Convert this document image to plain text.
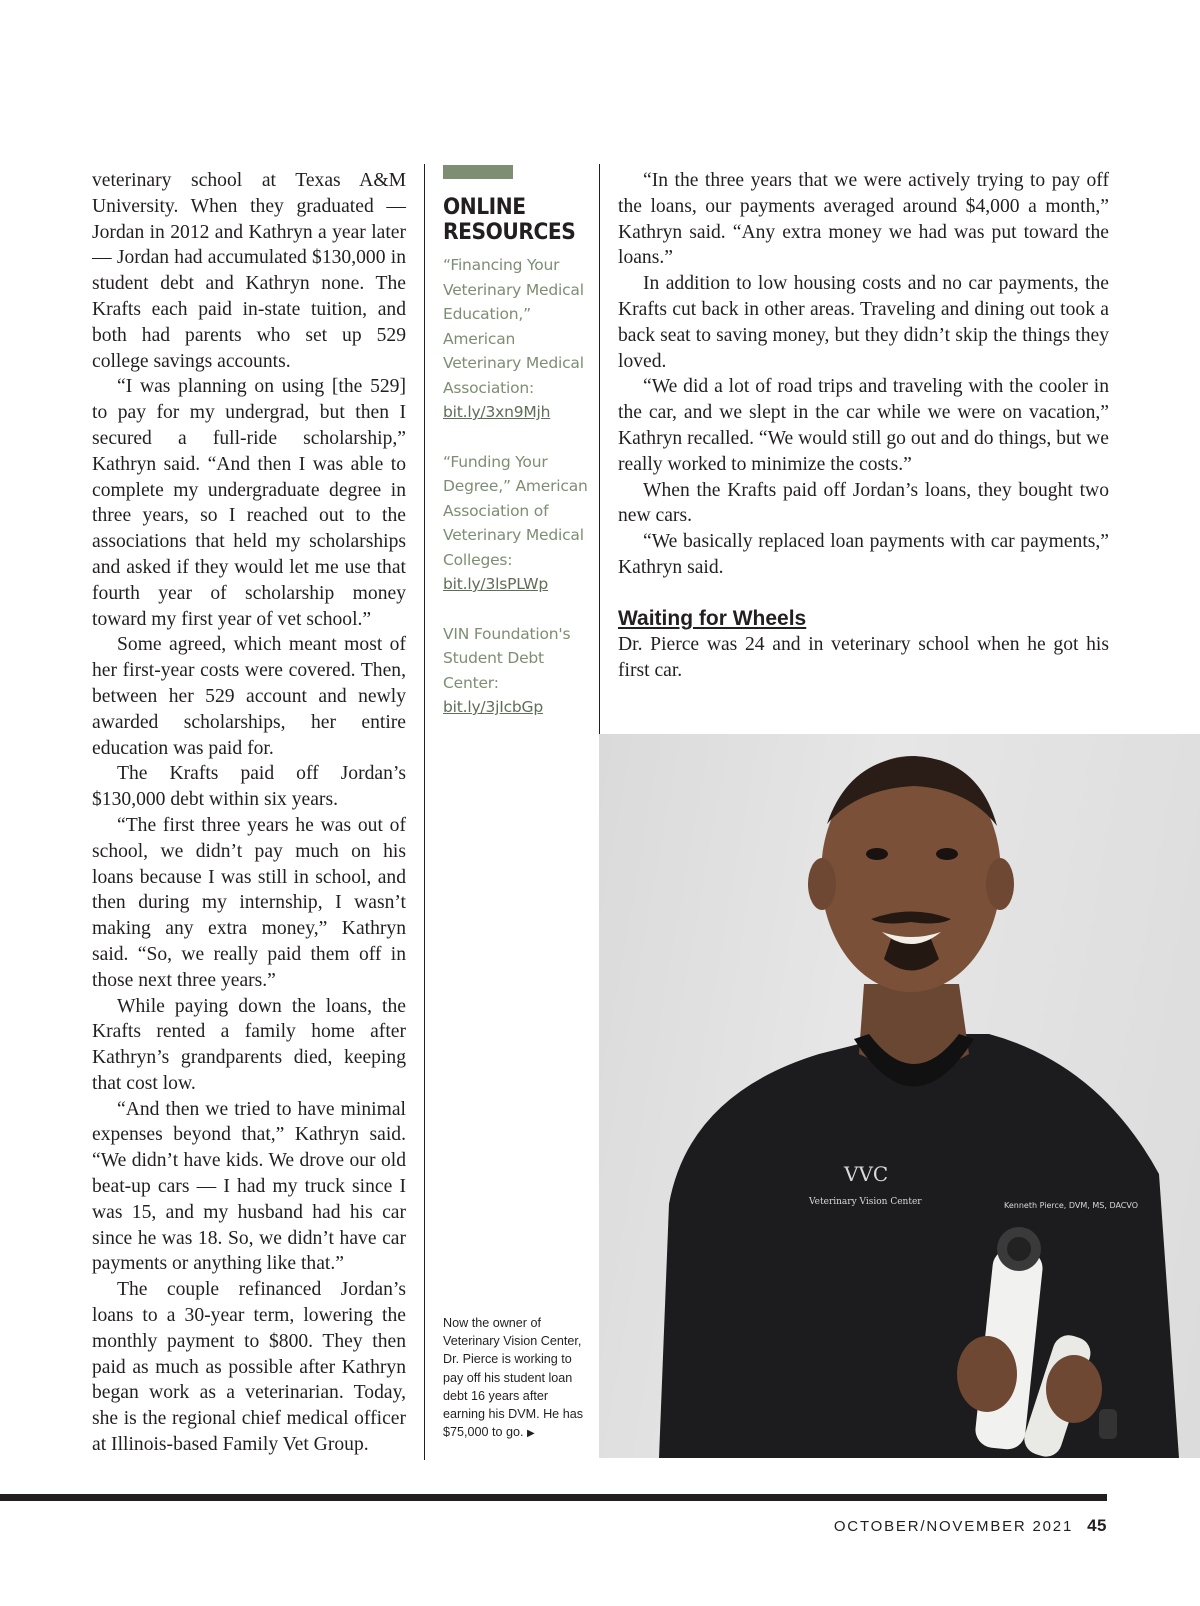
veterinary school at Texas A&M University. When they graduated — Jordan in 2012 and Kathryn a year later — Jordan had accumulated $130,000 in student debt and Kathryn none. The Krafts each paid in-state tuition, and both had parents who set up 529 college savings accounts.

“I was planning on using [the 529] to pay for my undergrad, but then I secured a full-ride scholarship,” Kathryn said. “And then I was able to complete my undergraduate degree in three years, so I reached out to the associations that held my scholarships and asked if they would let me use that fourth year of scholarship money toward my first year of vet school.”

Some agreed, which meant most of her first-year costs were covered. Then, between her 529 account and newly awarded scholarships, her entire education was paid for.

The Krafts paid off Jordan’s $130,000 debt within six years.

“The first three years he was out of school, we didn’t pay much on his loans because I was still in school, and then during my internship, I wasn’t making any extra money,” Kathryn said. “So, we really paid them off in those next three years.”

While paying down the loans, the Krafts rented a family home after Kathryn’s grandparents died, keeping that cost low.

“And then we tried to have minimal expenses beyond that,” Kathryn said. “We didn’t have kids. We drove our old beat-up cars — I had my truck since I was 15, and my husband had his car since he was 18. So, we didn’t have car payments or anything like that.”

The couple refinanced Jordan’s loans to a 30-year term, lowering the monthly payment to $800. They then paid as much as possible after Kathryn began work as a veterinarian. Today, she is the regional chief medical officer at Illinois-based Family Vet Group.

ONLINE
RESOURCES
“Financing Your Veterinary Medical Education,” American Veterinary Medical Association:
bit.ly/3xn9Mjh
“Funding Your Degree,” American Association of Veterinary Medical Colleges:
bit.ly/3lsPLWp
VIN Foundation's Student Debt Center:
bit.ly/3jIcbGp
Now the owner of Veterinary Vision Center, Dr. Pierce is working to pay off his student loan debt 16 years after earning his DVM. He has $75,000 to go. ▶

“In the three years that we were actively trying to pay off the loans, our payments averaged around $4,000 a month,” Kathryn said. “Any extra money we had was put toward the loans.”

In addition to low housing costs and no car payments, the Krafts cut back in other areas. Traveling and dining out took a back seat to saving money, but they didn’t skip the things they loved.

“We did a lot of road trips and traveling with the cooler in the car, and we slept in the car while we were on vacation,” Kathryn recalled. “We would still go out and do things, but we really worked to minimize the costs.”

When the Krafts paid off Jordan’s loans, they bought two new cars.

“We basically replaced loan payments with car payments,” Kathryn said.

Waiting for Wheels

Dr. Pierce was 24 and in veterinary school when he got his first car.

VVC
Veterinary Vision Center	Kenneth Pierce, DVM, MS, DACVO
OCTOBER/NOVEMBER 2021 45
